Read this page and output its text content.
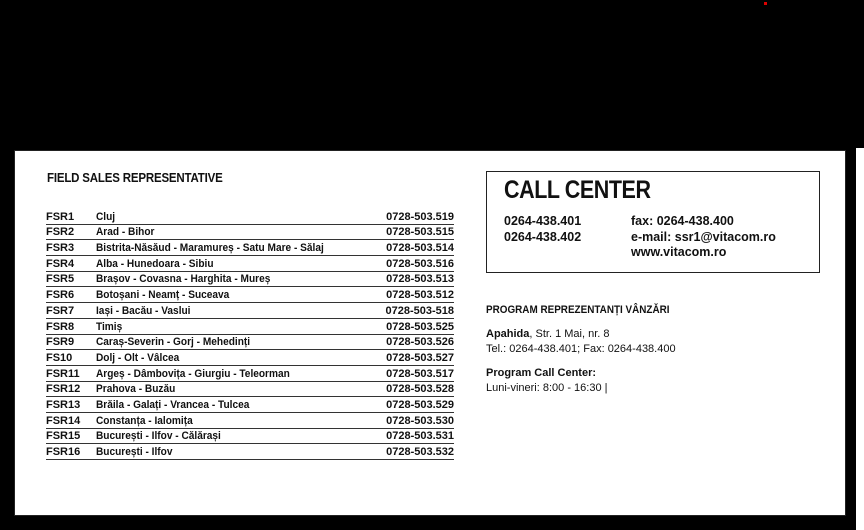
FIELD SALES REPRESENTATIVE
FSR1	Cluj	0728-503.519
FSR2	Arad - Bihor	0728-503.515
FSR3	Bistrita-Năsăud - Maramureș - Satu Mare - Sălaj	0728-503.514
FSR4	Alba - Hunedoara - Sibiu	0728-503.516
FSR5	Brașov - Covasna - Harghita - Mureș	0728-503.513
FSR6	Botoșani - Neamț - Suceava	0728-503.512
FSR7	Iași - Bacău - Vaslui	0728-503-518
FSR8	Timiș	0728-503.525
FSR9	Caraș-Severin - Gorj - Mehedinți	0728-503.526
FS10	Dolj - Olt - Vâlcea	0728-503.527
FSR11	Argeș - Dâmbovița - Giurgiu - Teleorman	0728-503.517
FSR12	Prahova - Buzău	0728-503.528
FSR13	Brăila - Galați - Vrancea - Tulcea	0728-503.529
FSR14	Constanța - Ialomița	0728-503.530
FSR15	București - Ilfov - Călărași	0728-503.531
FSR16	București - Ilfov	0728-503.532
CALL CENTER
0264-438.401
0264-438.402
fax: 0264-438.400
e-mail: ssr1@vitacom.ro
www.vitacom.ro
PROGRAM REPREZENTANȚI VÂNZĂRI
Apahida, Str. 1 Mai, nr. 8
Tel.: 0264-438.401; Fax: 0264-438.400
Program Call Center:
Luni-vineri: 8:00 - 16:30 |
